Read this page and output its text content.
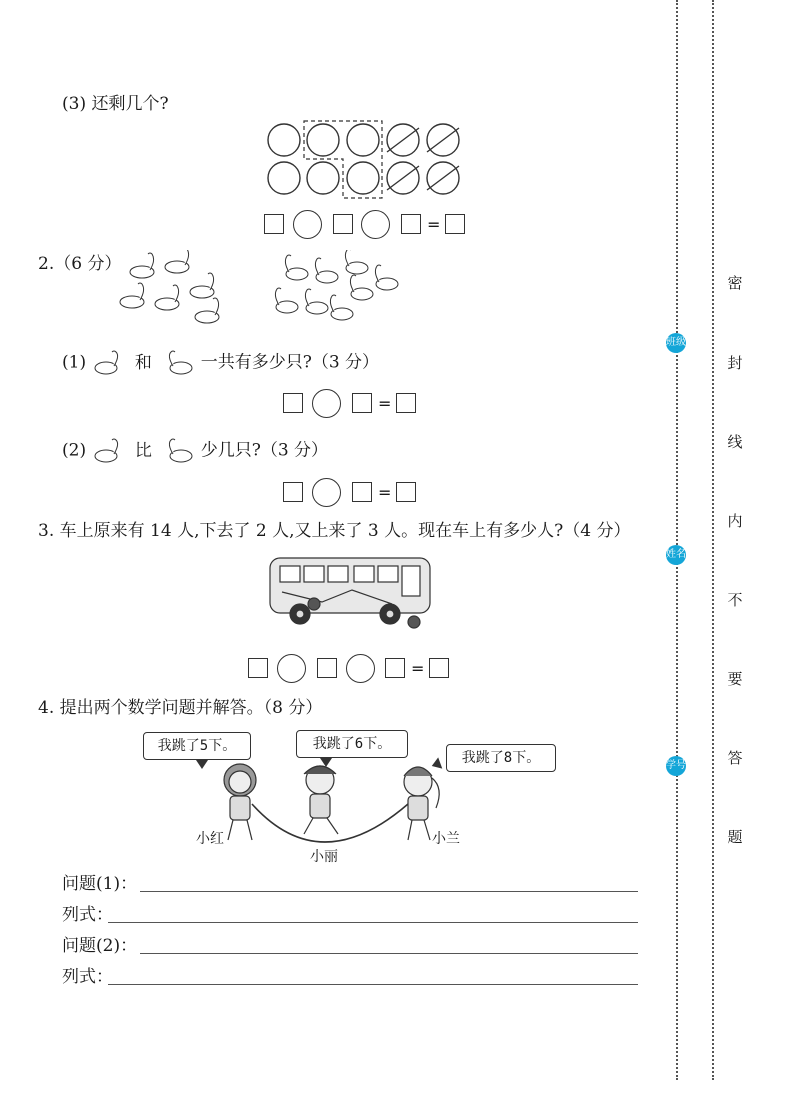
(3) 还剩几个?
=
2.（6 分）
(1)	和	一共有多少只?（3 分）
=
(2)	比	少几只?（3 分）
=
3. 车上原来有 14 人,下去了 2 人,又上来了 3 人。现在车上有多少人?（4 分）
=
4. 提出两个数学问题并解答。（8 分）
我跳了5下。	我跳了6下。
我跳了8下。
小红
小丽
小兰
问题(1)：
列式：
问题(2)：
列式：
班级
姓名
学号
密
封
线
内
不
要
答
题
